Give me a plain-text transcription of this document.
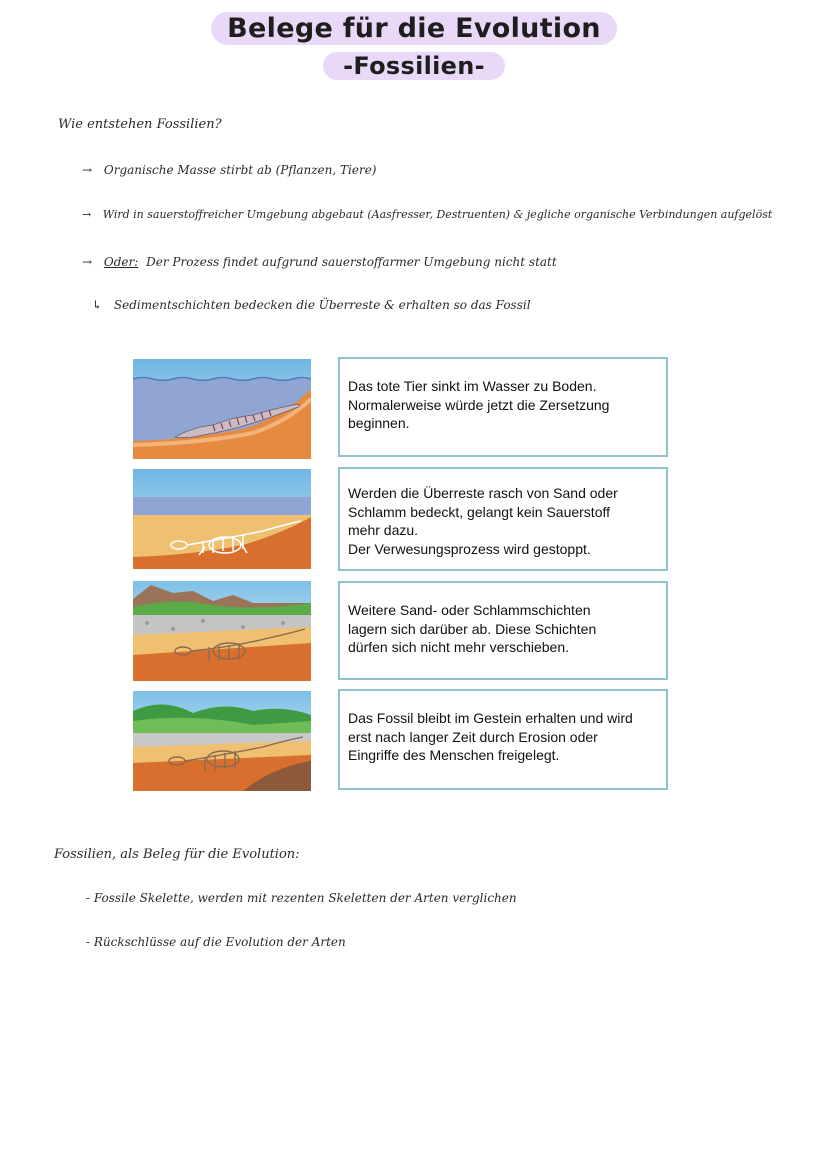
Belege für die Evolution
-Fossilien-
Wie entstehen Fossilien?
→ Organische Masse stirbt ab (Pflanzen, Tiere)
→ Wird in sauerstoffreicher Umgebung abgebaut (Aasfresser, Destruenten) & jegliche organische Verbindungen aufgelöst
→ Oder: Der Prozess findet aufgrund sauerstoffarmer Umgebung nicht statt
↳ Sedimentschichten bedecken die Überreste & erhalten so das Fossil

Das tote Tier sinkt im Wasser zu Boden.

Normalerweise würde jetzt die Zersetzung

beginnen.

Werden die Überreste rasch von Sand oder

Schlamm bedeckt, gelangt kein Sauerstoff

mehr dazu.

Der Verwesungsprozess wird gestoppt.

Weitere Sand- oder Schlammschichten

lagern sich darüber ab. Diese Schichten

dürfen sich nicht mehr verschieben.

Das Fossil bleibt im Gestein erhalten und wird

erst nach langer Zeit durch Erosion oder

Eingriffe des Menschen freigelegt.

Fossilien, als Beleg für die Evolution:
- Fossile Skelette, werden mit rezenten Skeletten der Arten verglichen
- Rückschlüsse auf die Evolution der Arten
